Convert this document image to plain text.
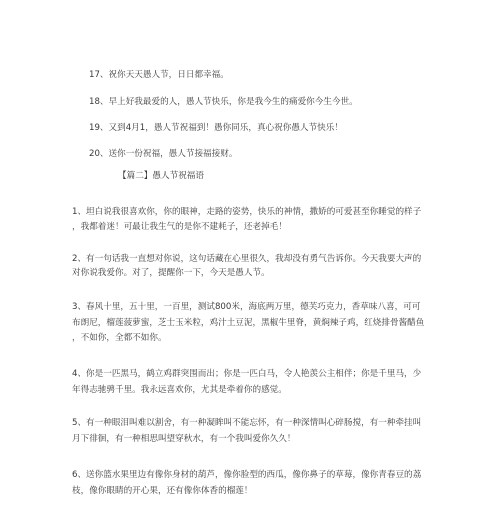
17、祝你天天愚人节，日日都幸福。
18、早上好我最爱的人，愚人节快乐，你是我今生的痛爱你今生今世。
19、又到4月1，愚人节祝福到！愚你同乐，真心祝你愚人节快乐！
20、送你一份祝福，愚人节接福接财。
【篇二】愚人节祝福语
1、坦白说我很喜欢你，你的眼神，走路的姿势，快乐的神情，撒娇的可爱甚至你睡觉的样子
，我都着迷！可最让我生气的是你不建耗子，还老掉毛！
2、有一句话我一直想对你说，这句话藏在心里很久，我却没有勇气告诉你。今天我要大声的
对你说我爱你。对了，提醒你一下，今天是愚人节。
3、春风十里，五十里，一百里，测试800米，海底两万里，德芙巧克力，香草味八喜，可可
布朗尼，榴莲菠萝蜜，芝士玉米粒，鸡汁土豆泥，黑椒牛里脊，黄焖辣子鸡，红烧排骨酱醋鱼
，不如你，全都不如你。
4、你是一匹黑马，鹤立鸡群突围而出；你是一匹白马，令人艳羡公主相伴；你是千里马，少
年得志驰骋千里。我永远喜欢你，尤其是牵着你的感觉。
5、有一种眼泪叫难以割舍，有一种凝眸叫不能忘怀，有一种深情叫心碎肠搅，有一种牵挂叫
月下徘徊，有一种相思叫望穿秋水，有一个我叫爱你久久！
6、送你篮水果里边有像你身材的葫芦，像你脸型的西瓜，像你鼻子的草莓，像你青春豆的荔
枝，像你眼睛的开心果，还有像你体香的榴莲！
